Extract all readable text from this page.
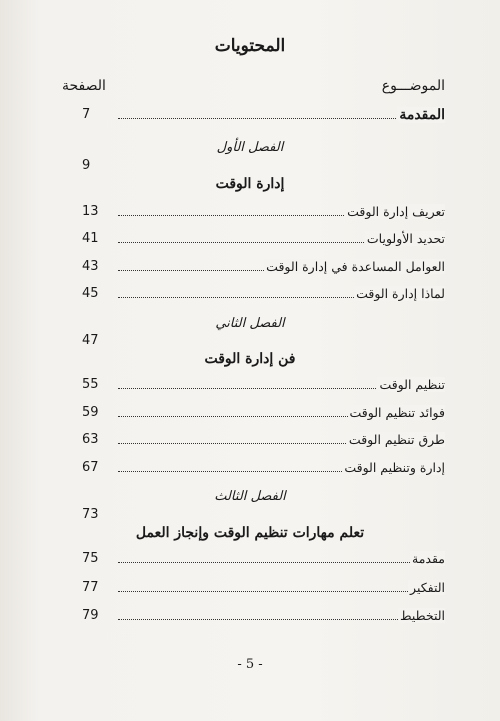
المحتويات
الموضـــوع
الصفحة
المقدمة
7
الفصل الأول
9
إدارة الوقت
تعريف إدارة الوقت
13
تحديد الأولويات
41
العوامل المساعدة في إدارة الوقت
43
لماذا إدارة الوقت
45
الفصل الثاني
47
فن إدارة الوقت
تنظيم الوقت
55
فوائد تنظيم الوقت
59
طرق تنظيم الوقت
63
إدارة وتنظيم الوقت
67
الفصل الثالث
73
تعلم مهارات تنظيم الوقت وإنجاز العمل
مقدمة
75
التفكير
77
التخطيط
79
- 5 -
